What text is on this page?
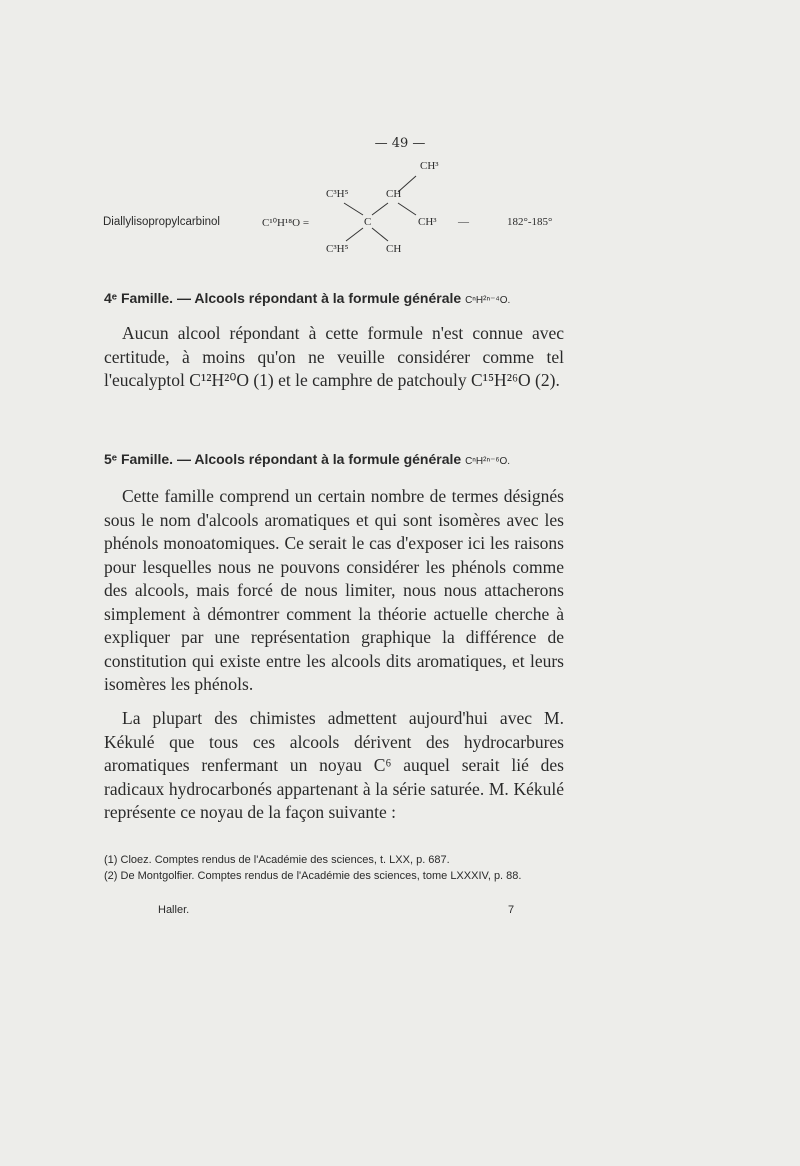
— 49 —
CH³
C³H⁵	CH
Diallylisopropylcarbinol	C¹⁰H¹⁸O =	C	CH³ —	182°-185°
C³H⁵	CH
4ᵉ Famille. — Alcools répondant à la formule générale CⁿH²ⁿ⁻⁴O.
Aucun alcool répondant à cette formule n'est connue avec certitude, à moins qu'on ne veuille considérer comme tel l'eucalyptol C¹²H²⁰O (1) et le camphre de patchouly C¹⁵H²⁶O (2).
5ᵉ Famille. — Alcools répondant à la formule générale CⁿH²ⁿ⁻⁶O.
Cette famille comprend un certain nombre de termes désignés sous le nom d'alcools aromatiques et qui sont isomères avec les phénols monoatomiques. Ce serait le cas d'exposer ici les raisons pour lesquelles nous ne pouvons considérer les phénols comme des alcools, mais forcé de nous limiter, nous nous attacherons simplement à démontrer comment la théorie actuelle cherche à expliquer par une représentation graphique la différence de constitution qui existe entre les alcools dits aromatiques, et leurs isomères les phénols.
La plupart des chimistes admettent aujourd'hui avec M. Kékulé que tous ces alcools dérivent des hydrocarbures aromatiques renfermant un noyau C⁶ auquel serait lié des radicaux hydrocarbonés appartenant à la série saturée. M. Kékulé représente ce noyau de la façon suivante :
(1) Cloez. Comptes rendus de l'Académie des sciences, t. LXX, p. 687.
(2) De Montgolfier. Comptes rendus de l'Académie des sciences, tome LXXXIV, p. 88.
Haller.	7
